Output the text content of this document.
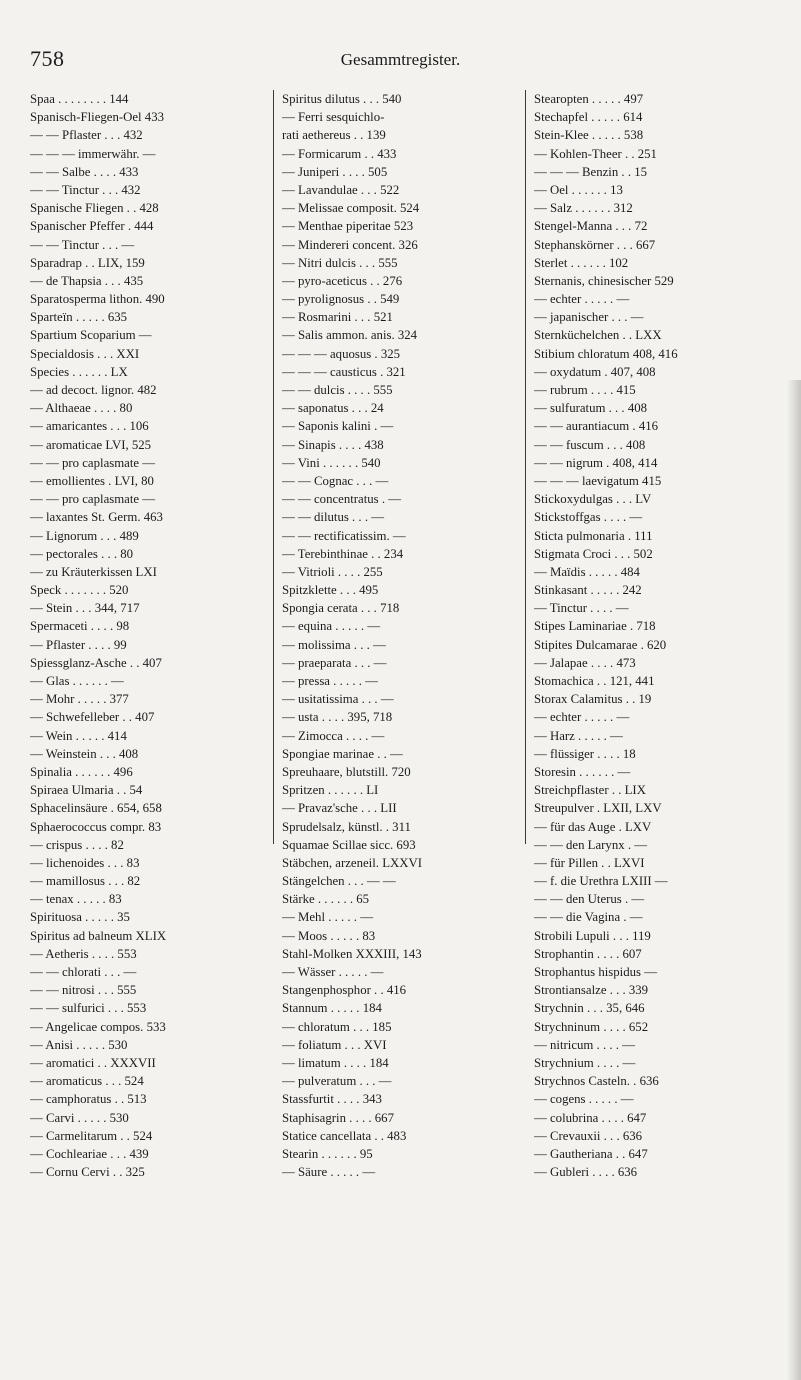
758	Gesammtregister.
Spaa . . . . . . . . 144
Spanisch-Fliegen-Oel 433
— — Pflaster . . . 432
— — — immerwähr. —
— — Salbe . . . . 433
— — Tinctur . . . 432
Spanische Fliegen . . 428
Spanischer Pfeffer . 444
— — Tinctur . . . —
Sparadrap . . LIX, 159
— de Thapsia . . . 435
Sparatosperma lithon. 490
Sparteïn . . . . . 635
Spartium Scoparium —
Specialdosis . . . XXI
Species . . . . . . LX
— ad decoct. lignor. 482
— Althaeae . . . . 80
— amaricantes . . . 106
— aromaticae LVI, 525
— — pro caplasmate —
— emollientes . LVI, 80
— — pro caplasmate —
— laxantes St. Germ. 463
— Lignorum . . . 489
— pectorales . . . 80
— zu Kräuterkissen LXI
Speck . . . . . . . 520
— Stein . . . 344, 717
Spermaceti . . . . 98
— Pflaster . . . . 99
Spiessglanz-Asche . . 407
— Glas . . . . . . —
— Mohr . . . . . 377
— Schwefelleber . . 407
— Wein . . . . . 414
— Weinstein . . . 408
Spinalia . . . . . . 496
Spiraea Ulmaria . . 54
Sphacelinsäure . 654, 658
Sphaerococcus compr. 83
— crispus . . . . 82
— lichenoides . . . 83
— mamillosus . . . 82
— tenax . . . . . 83
Spirituosa . . . . . 35
Spiritus ad balneum XLIX
— Aetheris . . . . 553
— — chlorati . . . —
— — nitrosi . . . 555
— — sulfurici . . . 553
— Angelicae compos. 533
— Anisi . . . . . 530
— aromatici . . XXXVII
— aromaticus . . . 524
— camphoratus . . 513
— Carvi . . . . . 530
— Carmelitarum . . 524
— Cochleariae . . . 439
— Cornu Cervi . . 325
Spiritus dilutus . . . 540
— Ferri sesquichlo-
rati aethereus . . 139
— Formicarum . . 433
— Juniperi . . . . 505
— Lavandulae . . . 522
— Melissae composit. 524
— Menthae piperitae 523
— Mindereri concent. 326
— Nitri dulcis . . . 555
— pyro-aceticus . . 276
— pyrolignosus . . 549
— Rosmarini . . . 521
— Salis ammon. anis. 324
— — — aquosus . 325
— — — causticus . 321
— — dulcis . . . . 555
— saponatus . . . 24
— Saponis kalini . —
— Sinapis . . . . 438
— Vini . . . . . . 540
— — Cognac . . . —
— — concentratus . —
— — dilutus . . . —
— — rectificatissim. —
— Terebinthinae . . 234
— Vitrioli . . . . 255
Spitzklette . . . 495
Spongia cerata . . . 718
— equina . . . . . —
— molissima . . . —
— praeparata . . . —
— pressa . . . . . —
— usitatissima . . . —
— usta . . . . 395, 718
— Zimocca . . . . —
Spongiae marinae . . —
Spreuhaare, blutstill. 720
Spritzen . . . . . . LI
— Pravaz'sche . . . LII
Sprudelsalz, künstl. . 311
Squamae Scillae sicc. 693
Stäbchen, arzeneil. LXXVI
Stängelchen . . . — —
Stärke . . . . . . 65
— Mehl . . . . . —
— Moos . . . . . 83
Stahl-Molken XXXIII, 143
— Wässer . . . . . —
Stangenphosphor . . 416
Stannum . . . . . 184
— chloratum . . . 185
— foliatum . . . XVI
— limatum . . . . 184
— pulveratum . . . —
Stassfurtit . . . . 343
Staphisagrin . . . . 667
Statice cancellata . . 483
Stearin . . . . . . 95
— Säure . . . . . —
Stearopten . . . . . 497
Stechapfel . . . . . 614
Stein-Klee . . . . . 538
— Kohlen-Theer . . 251
— — — Benzin . . 15
— Oel . . . . . . 13
— Salz . . . . . . 312
Stengel-Manna . . . 72
Stephanskörner . . . 667
Sterlet . . . . . . 102
Sternanis, chinesischer 529
— echter . . . . . —
— japanischer . . . —
Sternküchelchen . . LXX
Stibium chloratum 408, 416
— oxydatum . 407, 408
— rubrum . . . . 415
— sulfuratum . . . 408
— — aurantiacum . 416
— — fuscum . . . 408
— — nigrum . 408, 414
— — — laevigatum 415
Stickoxydulgas . . . LV
Stickstoffgas . . . . —
Sticta pulmonaria . 111
Stigmata Croci . . . 502
— Maïdis . . . . . 484
Stinkasant . . . . . 242
— Tinctur . . . . —
Stipes Laminariae . 718
Stipites Dulcamarae . 620
— Jalapae . . . . 473
Stomachica . . 121, 441
Storax Calamitus . . 19
— echter . . . . . —
— Harz . . . . . —
— flüssiger . . . . 18
Storesin . . . . . . —
Streichpflaster . . LIX
Streupulver . LXII, LXV
— für das Auge . LXV
— — den Larynx . —
— für Pillen . . LXVI
— f. die Urethra LXIII —
— — den Uterus . —
— — die Vagina . —
Strobili Lupuli . . . 119
Strophantin . . . . 607
Strophantus hispidus —
Strontiansalze . . . 339
Strychnin . . . 35, 646
Strychninum . . . . 652
— nitricum . . . . —
Strychnium . . . . —
Strychnos Casteln. . 636
— cogens . . . . . —
— colubrina . . . . 647
— Crevauxii . . . 636
— Gautheriana . . 647
— Gubleri . . . . 636
